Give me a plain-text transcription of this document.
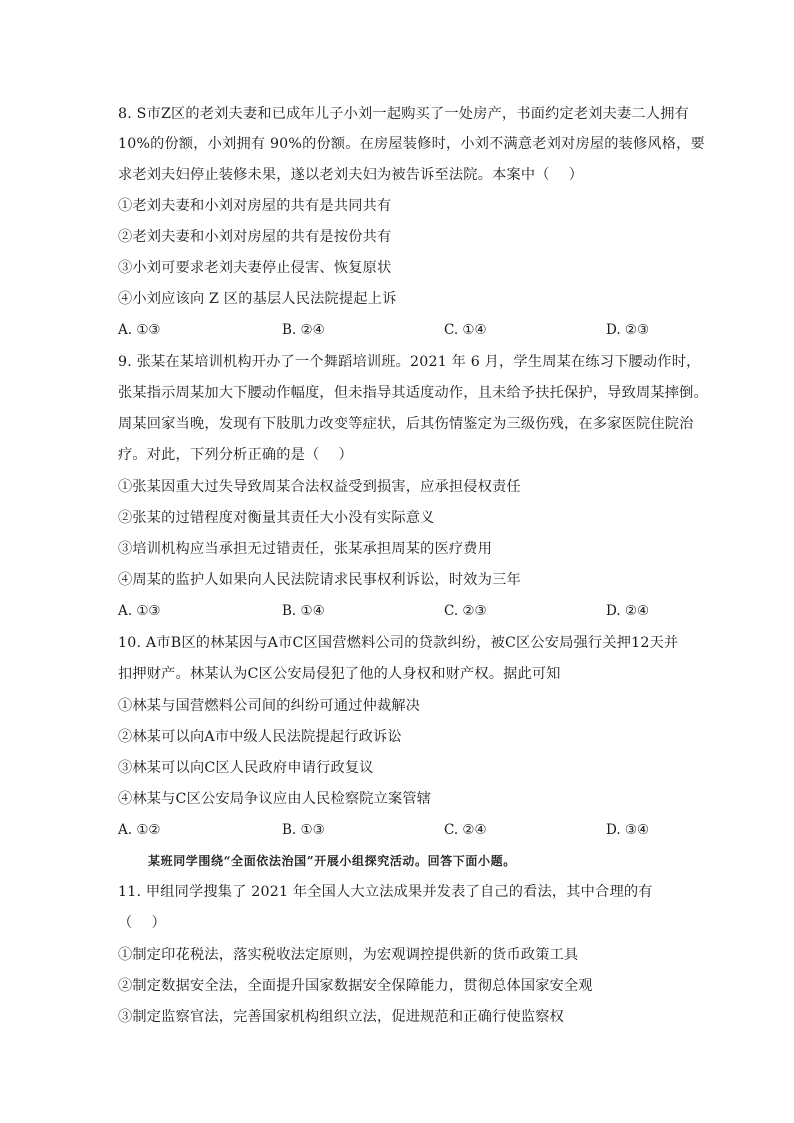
8. S市Z区的老刘夫妻和已成年儿子小刘一起购买了一处房产，书面约定老刘夫妻二人拥有
10%的份额，小刘拥有 90%的份额。在房屋装修时，小刘不满意老刘对房屋的装修风格，要
求老刘夫妇停止装修未果，遂以老刘夫妇为被告诉至法院。本案中（　 ）
①老刘夫妻和小刘对房屋的共有是共同共有
②老刘夫妻和小刘对房屋的共有是按份共有
③小刘可要求老刘夫妻停止侵害、恢复原状
④小刘应该向 Z 区的基层人民法院提起上诉
A. ①③	B. ②④	C. ①④	D. ②③
9. 张某在某培训机构开办了一个舞蹈培训班。2021 年 6 月，学生周某在练习下腰动作时，
张某指示周某加大下腰动作幅度，但未指导其适度动作，且未给予扶托保护，导致周某摔倒。
周某回家当晚，发现有下肢肌力改变等症状，后其伤情鉴定为三级伤残，在多家医院住院治
疗。对此，下列分析正确的是（　 ）
①张某因重大过失导致周某合法权益受到损害，应承担侵权责任
②张某的过错程度对衡量其责任大小没有实际意义
③培训机构应当承担无过错责任，张某承担周某的医疗费用
④周某的监护人如果向人民法院请求民事权利诉讼，时效为三年
A. ①③	B. ①④	C. ②③	D. ②④
10. A市B区的林某因与A市C区国营燃料公司的贷款纠纷，被C区公安局强行关押12天并
扣押财产。林某认为C区公安局侵犯了他的人身权和财产权。据此可知
①林某与国营燃料公司间的纠纷可通过仲裁解决
②林某可以向A市中级人民法院提起行政诉讼
③林某可以向C区人民政府申请行政复议
④林某与C区公安局争议应由人民检察院立案管辖
A. ①②	B. ①③	C. ②④	D. ③④
某班同学围绕“全面依法治国”开展小组探究活动。回答下面小题。
11. 甲组同学搜集了 2021 年全国人大立法成果并发表了自己的看法，其中合理的有
（　 ）
①制定印花税法，落实税收法定原则，为宏观调控提供新的货币政策工具
②制定数据安全法，全面提升国家数据安全保障能力，贯彻总体国家安全观
③制定监察官法，完善国家机构组织立法，促进规范和正确行使监察权
